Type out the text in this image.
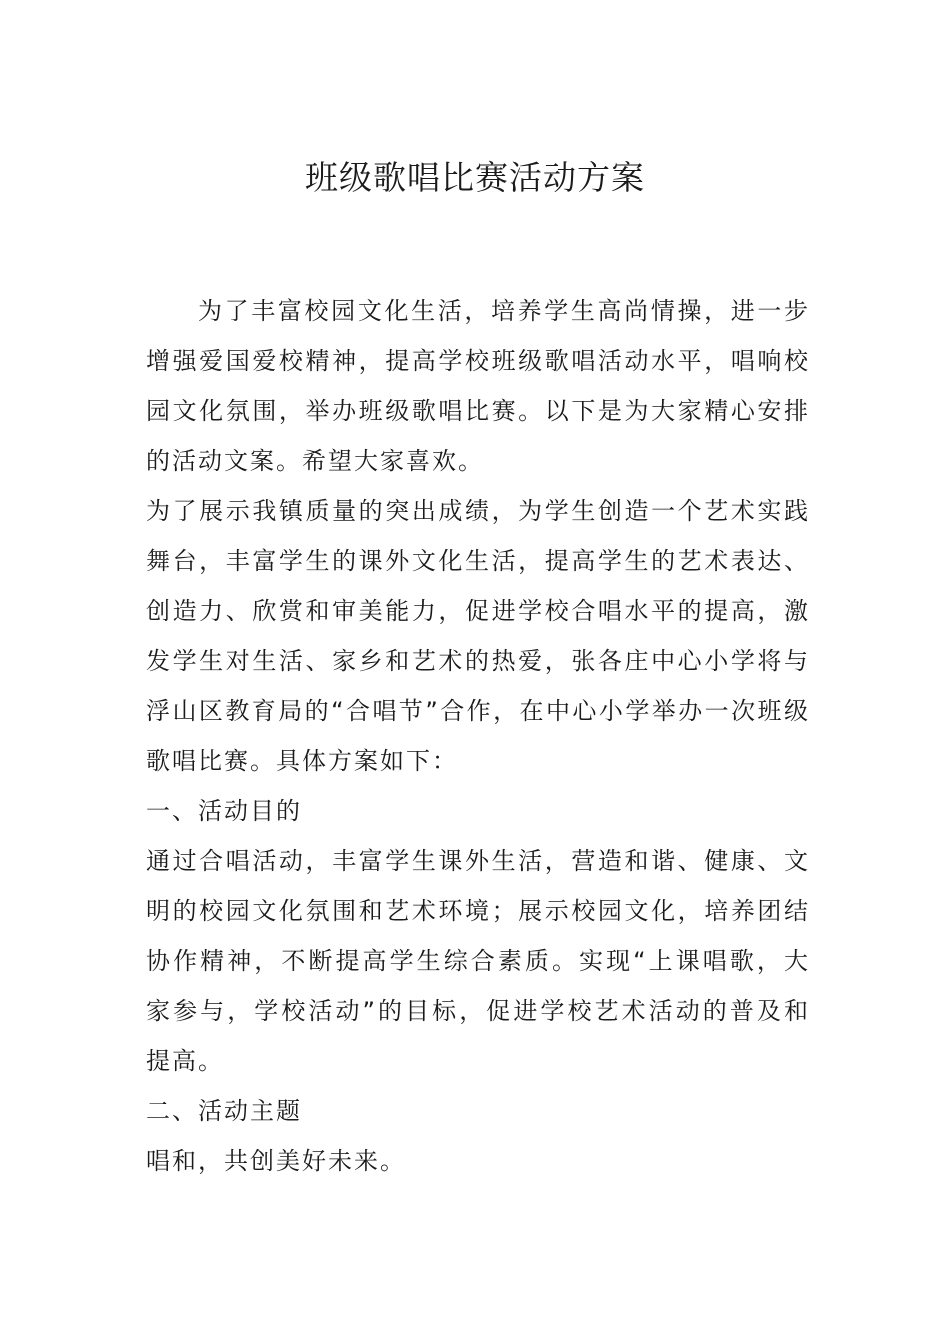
班级歌唱比赛活动方案

为了丰富校园文化生活，培养学生高尚情操，进一步增强爱国爱校精神，提高学校班级歌唱活动水平，唱响校园文化氛围，举办班级歌唱比赛。以下是为大家精心安排的活动文案。希望大家喜欢。

为了展示我镇质量的突出成绩，为学生创造一个艺术实践舞台，丰富学生的课外文化生活，提高学生的艺术表达、创造力、欣赏和审美能力，促进学校合唱水平的提高，激发学生对生活、家乡和艺术的热爱，张各庄中心小学将与浮山区教育局的“合唱节”合作，在中心小学举办一次班级歌唱比赛。具体方案如下：

一、活动目的

通过合唱活动，丰富学生课外生活，营造和谐、健康、文明的校园文化氛围和艺术环境；展示校园文化，培养团结协作精神，不断提高学生综合素质。实现“上课唱歌，大家参与，学校活动”的目标，促进学校艺术活动的普及和提高。

二、活动主题

唱和，共创美好未来。
